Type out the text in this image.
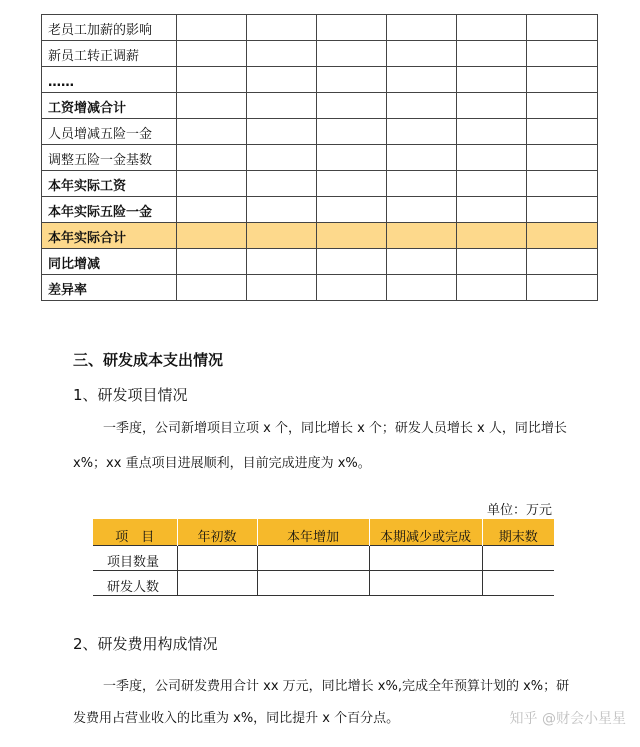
老员工加薪的影响						
新员工转正调薪						
……						
工资增减合计						
人员增减五险一金						
调整五险一金基数						
本年实际工资						
本年实际五险一金						
本年实际合计						
同比增减						
差异率						
三、研发成本支出情况
1、研发项目情况
一季度，公司新增项目立项 x 个，同比增长 x 个；研发人员增长 x 人，同比增长
x%；xx 重点项目进展顺利，目前完成进度为 x%。
单位：万元
项　目	年初数	本年增加	本期减少或完成	期末数
项目数量				
研发人数				
2、研发费用构成情况
一季度，公司研发费用合计 xx 万元，同比增长 x%,完成全年预算计划的 x%；研
发费用占营业收入的比重为 x%，同比提升 x 个百分点。	知乎 @财会小星星
